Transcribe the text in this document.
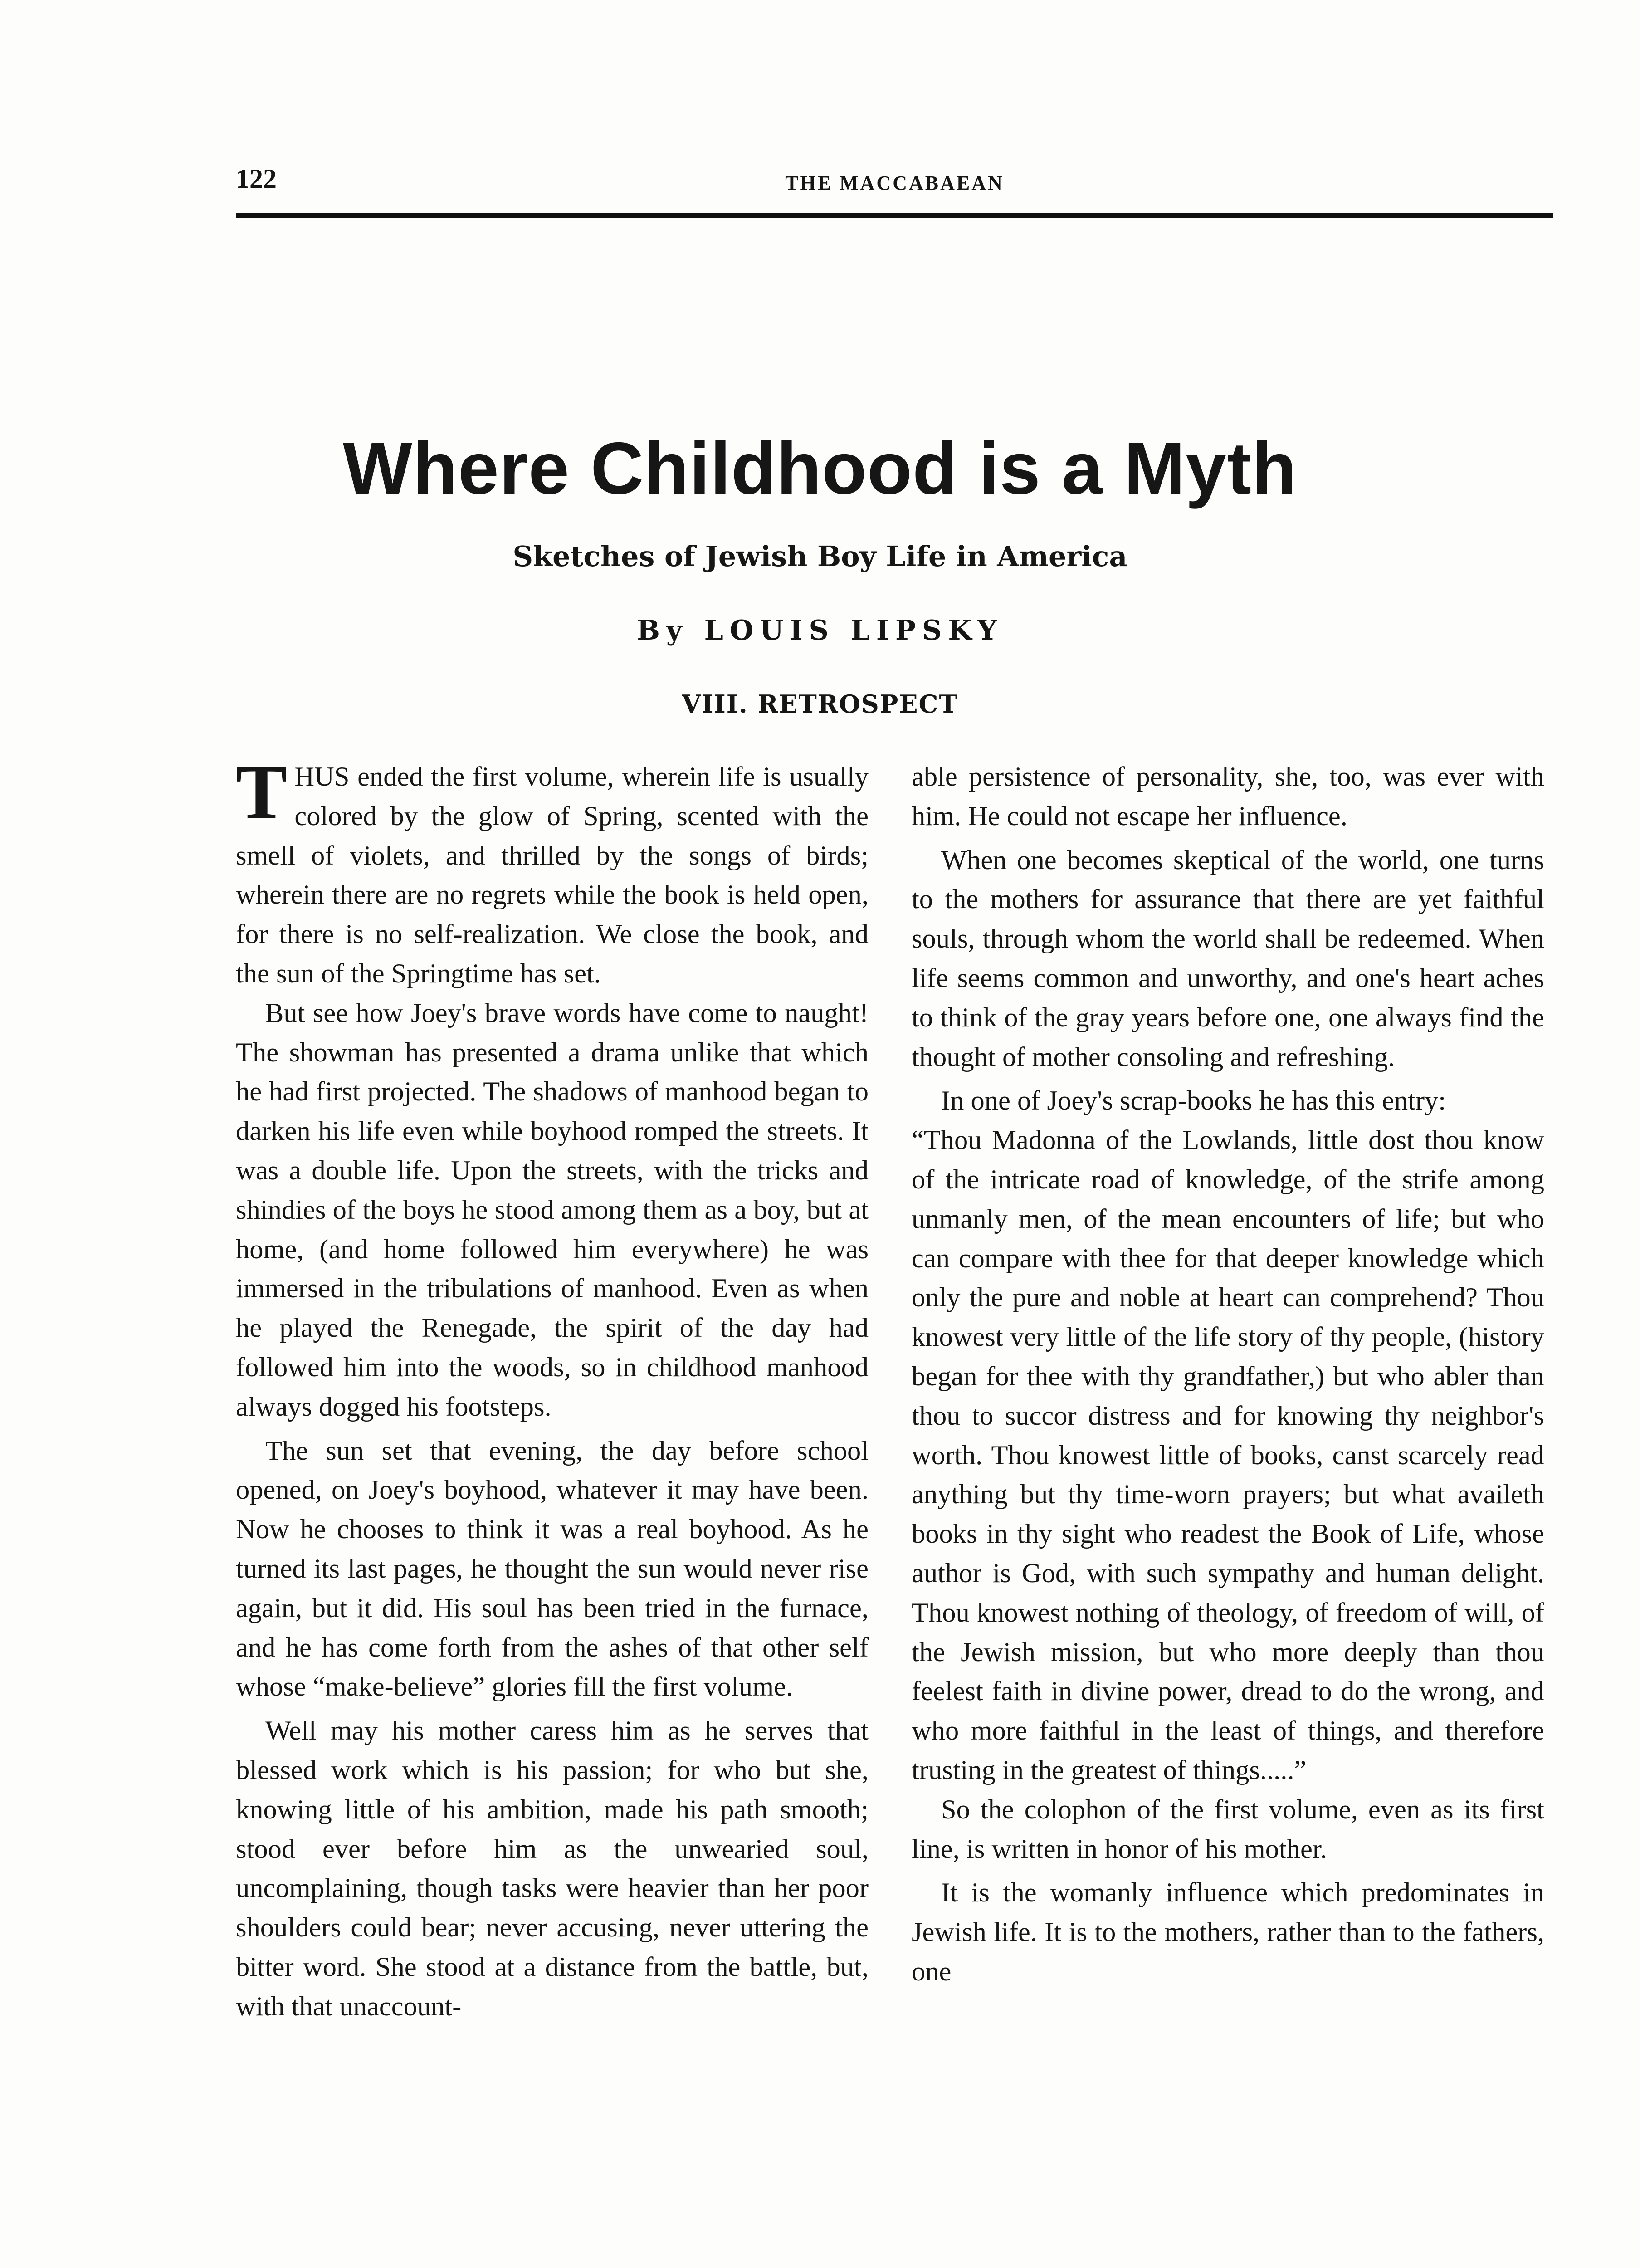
122	THE MACCABAEAN
Where Childhood is a Myth
Sketches of Jewish Boy Life in America
By LOUIS LIPSKY
VIII. RETROSPECT

THUS ended the first volume, wherein life is usually colored by the glow of Spring, scented with the smell of violets, and thrilled by the songs of birds; wherein there are no regrets while the book is held open, for there is no self-realization. We close the book, and the sun of the Springtime has set.

But see how Joey's brave words have come to naught! The showman has presented a drama unlike that which he had first projected. The shadows of manhood began to darken his life even while boyhood romped the streets. It was a double life. Upon the streets, with the tricks and shindies of the boys he stood among them as a boy, but at home, (and home followed him everywhere) he was immersed in the tribulations of manhood. Even as when he played the Renegade, the spirit of the day had followed him into the woods, so in childhood manhood always dogged his footsteps.

The sun set that evening, the day before school opened, on Joey's boyhood, whatever it may have been. Now he chooses to think it was a real boyhood. As he turned its last pages, he thought the sun would never rise again, but it did. His soul has been tried in the furnace, and he has come forth from the ashes of that other self whose “make-believe” glories fill the first volume.

Well may his mother caress him as he serves that blessed work which is his passion; for who but she, knowing little of his ambition, made his path smooth; stood ever before him as the unwearied soul, uncomplaining, though tasks were heavier than her poor shoulders could bear; never accusing, never uttering the bitter word. She stood at a distance from the battle, but, with that unaccount-

able persistence of personality, she, too, was ever with him. He could not escape her influence.

When one becomes skeptical of the world, one turns to the mothers for assurance that there are yet faithful souls, through whom the world shall be redeemed. When life seems common and unworthy, and one's heart aches to think of the gray years before one, one always find the thought of mother consoling and refreshing.

In one of Joey's scrap-books he has this entry:

“Thou Madonna of the Lowlands, little dost thou know of the intricate road of knowledge, of the strife among unmanly men, of the mean encounters of life; but who can compare with thee for that deeper knowledge which only the pure and noble at heart can comprehend? Thou knowest very little of the life story of thy people, (history began for thee with thy grandfather,) but who abler than thou to succor distress and for knowing thy neighbor's worth. Thou knowest little of books, canst scarcely read anything but thy time-worn prayers; but what availeth books in thy sight who readest the Book of Life, whose author is God, with such sympathy and human delight. Thou knowest nothing of theology, of freedom of will, of the Jewish mission, but who more deeply than thou feelest faith in divine power, dread to do the wrong, and who more faithful in the least of things, and therefore trusting in the greatest of things.....”

So the colophon of the first volume, even as its first line, is written in honor of his mother.

It is the womanly influence which predominates in Jewish life. It is to the mothers, rather than to the fathers, one
